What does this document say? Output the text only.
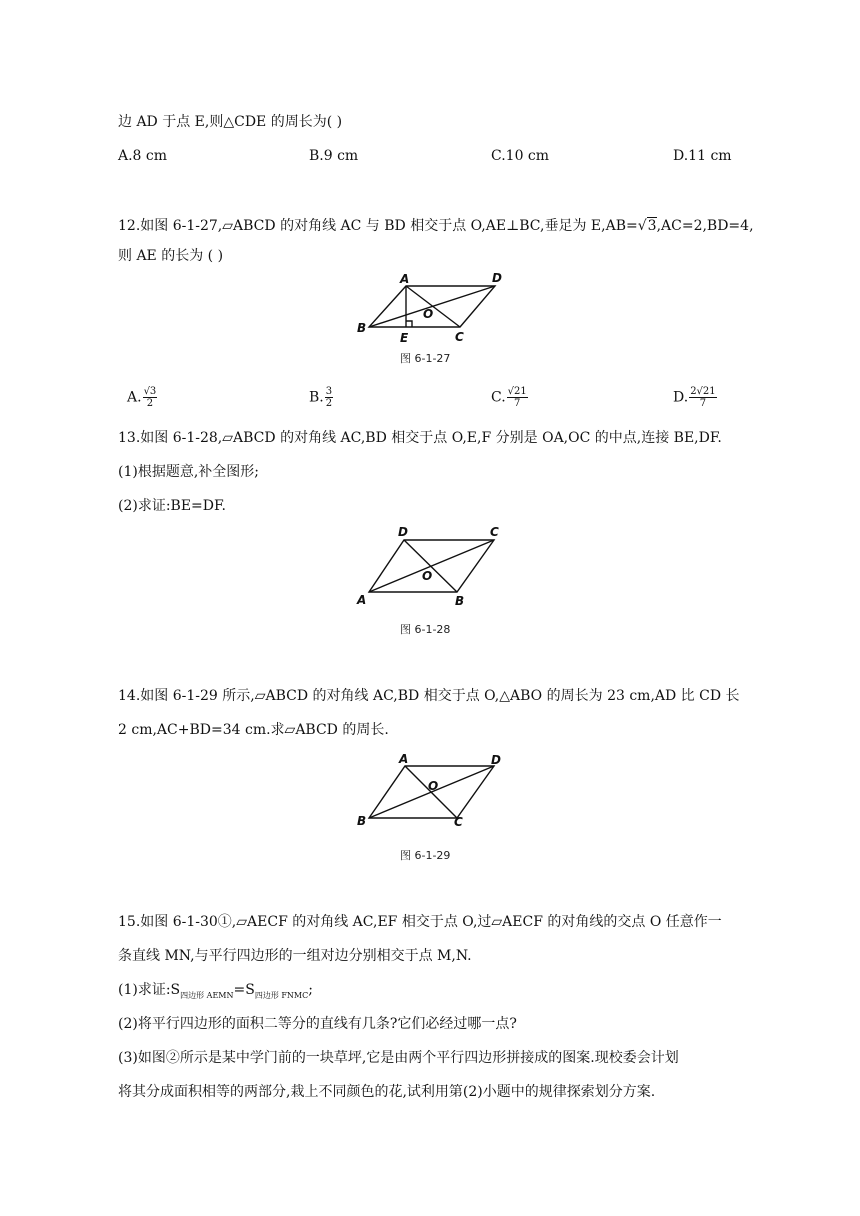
边 AD 于点 E,则△CDE 的周长为( )
A.8 cm	B.9 cm	C.10 cm	D.11 cm
12.如图 6-1-27,▱ABCD 的对角线 AC 与 BD 相交于点 O,AE⊥BC,垂足为 E,AB=√3,AC=2,BD=4,
则 AE 的长为 ( )
A	D
O
B
E	C
图 6-1-27
A. $\frac{√3}{2}$	B. $\frac{3}{2}$	C. $\frac{√21}{7}$	D. $\frac{2√21}{7}$
13.如图 6-1-28,▱ABCD 的对角线 AC,BD 相交于点 O,E,F 分别是 OA,OC 的中点,连接 BE,DF.
(1)根据题意,补全图形;
(2)求证:BE=DF.
D	C
O
A	B
图 6-1-28
14.如图 6-1-29 所示,▱ABCD 的对角线 AC,BD 相交于点 O,△ABO 的周长为 23 cm,AD 比 CD 长
2 cm,AC+BD=34 cm.求▱ABCD 的周长.
A	D
O
B	C
图 6-1-29
15.如图 6-1-30①,▱AECF 的对角线 AC,EF 相交于点 O,过▱AECF 的对角线的交点 O 任意作一
条直线 MN,与平行四边形的一组对边分别相交于点 M,N.
(1)求证$:S_{四边形 AEMN}=S_{四边形 FNMC}$;
(2)将平行四边形的面积二等分的直线有几条?它们必经过哪一点?
(3)如图②所示是某中学门前的一块草坪,它是由两个平行四边形拼接成的图案.现校委会计划
将其分成面积相等的两部分,栽上不同颜色的花,试利用第(2)小题中的规律探索划分方案.
